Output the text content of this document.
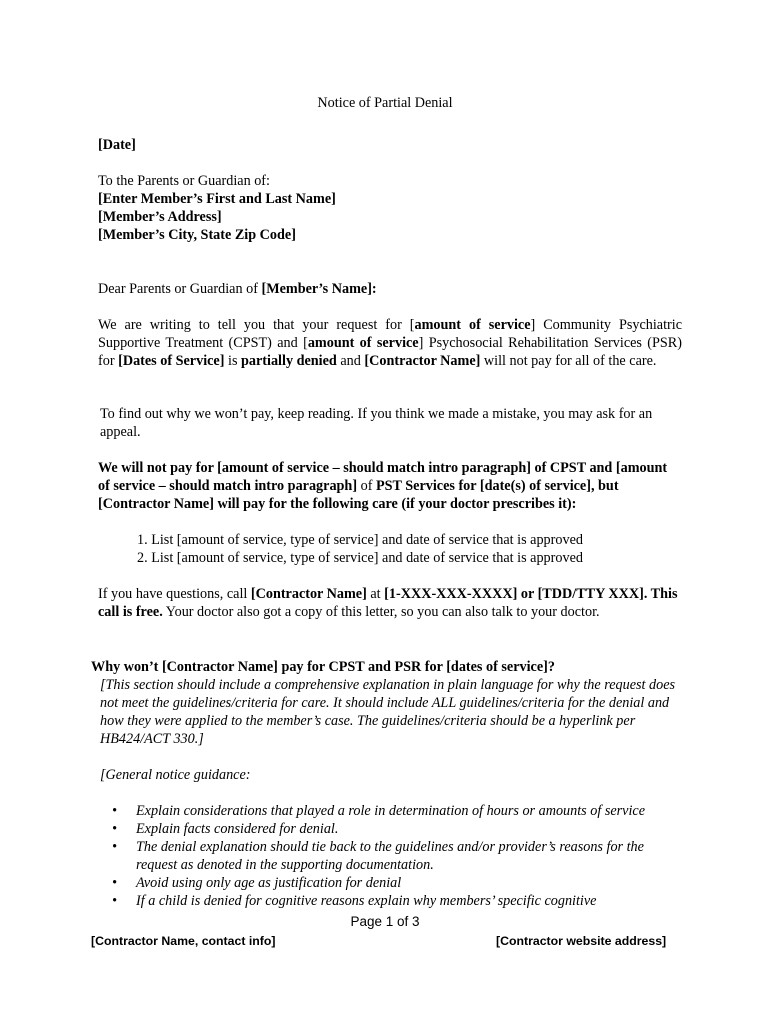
Notice of Partial Denial
[Date]
To the Parents or Guardian of:
[Enter Member’s First and Last Name]
[Member’s Address]
[Member’s City, State Zip Code]
Dear Parents or Guardian of [Member’s Name]:
We are writing to tell you that your request for [amount of service] Community Psychiatric Supportive Treatment (CPST) and [amount of service] Psychosocial Rehabilitation Services (PSR) for [Dates of Service] is partially denied and [Contractor Name] will not pay for all of the care.
To find out why we won’t pay, keep reading. If you think we made a mistake, you may ask for an appeal.
We will not pay for [amount of service – should match intro paragraph] of CPST and [amount of service – should match intro paragraph] of PST Services for [date(s) of service], but [Contractor Name] will pay for the following care (if your doctor prescribes it):
1. List [amount of service, type of service] and date of service that is approved
2. List [amount of service, type of service] and date of service that is approved
If you have questions, call [Contractor Name] at [1-XXX-XXX-XXXX] or [TDD/TTY XXX]. This call is free. Your doctor also got a copy of this letter, so you can also talk to your doctor.
Why won’t [Contractor Name] pay for CPST and PSR for [dates of service]?
[This section should include a comprehensive explanation in plain language for why the request does not meet the guidelines/criteria for care. It should include ALL guidelines/criteria for the denial and how they were applied to the member’s case. The guidelines/criteria should be a hyperlink per HB424/ACT 330.]
[General notice guidance:
• Explain considerations that played a role in determination of hours or amounts of service
• Explain facts considered for denial.
• The denial explanation should tie back to the guidelines and/or provider’s reasons for the request as denoted in the supporting documentation.
• Avoid using only age as justification for denial
• If a child is denied for cognitive reasons explain why members’ specific cognitive
Page 1 of 3
[Contractor Name, contact info]	[Contractor website address]
